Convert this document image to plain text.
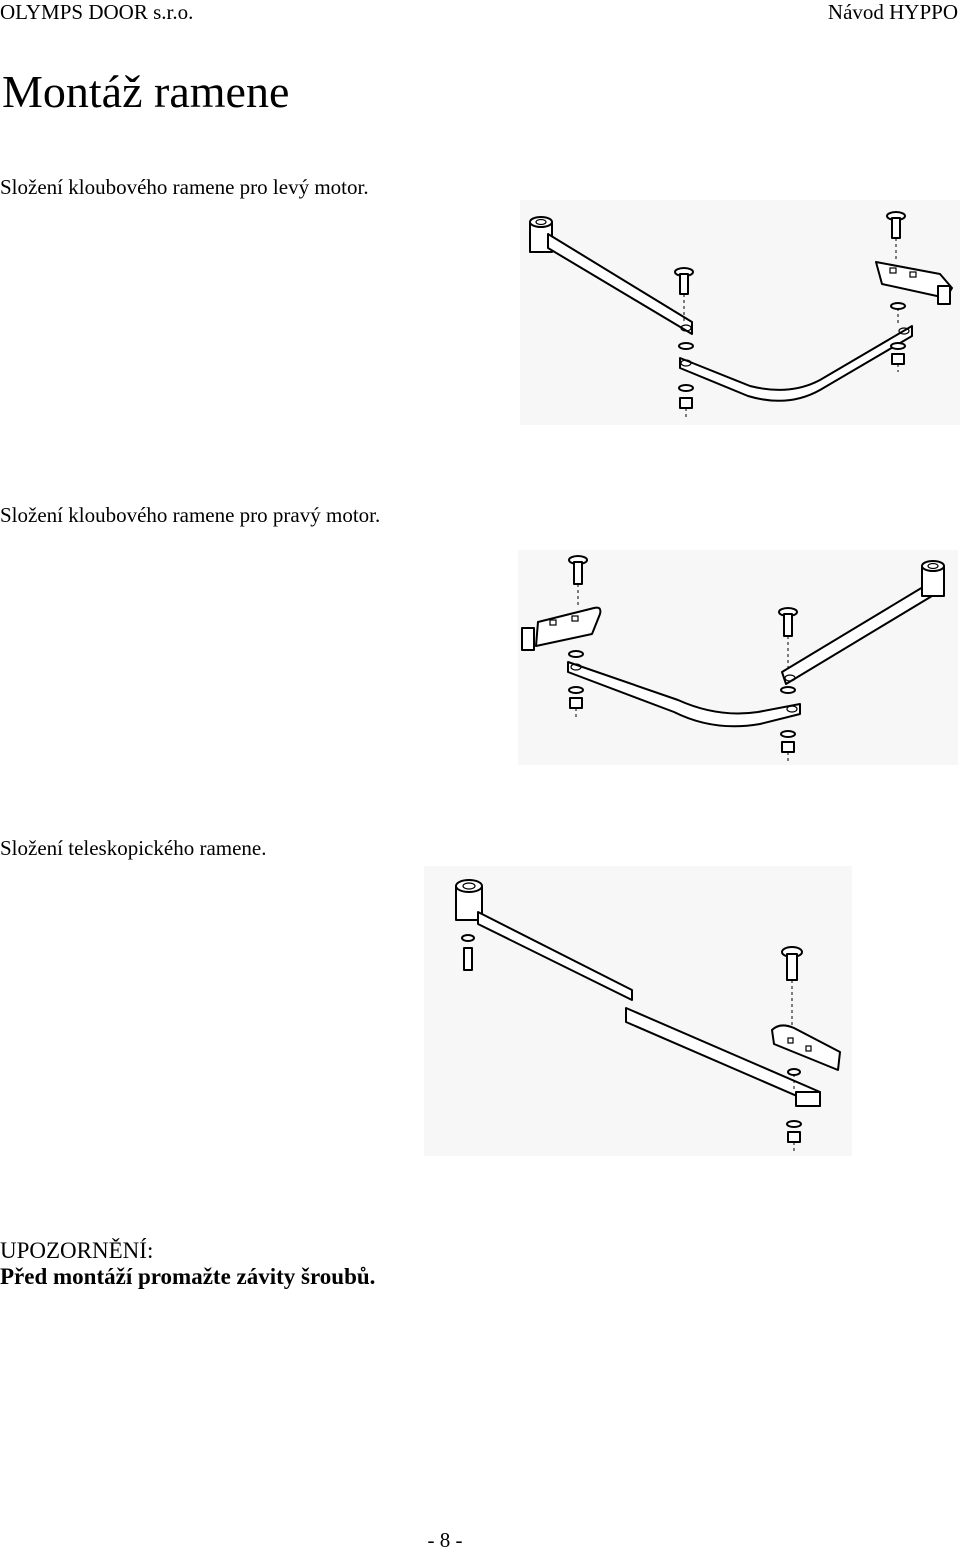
OLYMPS DOOR s.r.o.	Návod HYPPO
Montáž ramene
Složení kloubového ramene pro levý motor.
Složení kloubového ramene pro pravý motor.
Složení teleskopického ramene.
UPOZORNĚNÍ:
Před montáží promažte závity šroubů.
- 8 -
